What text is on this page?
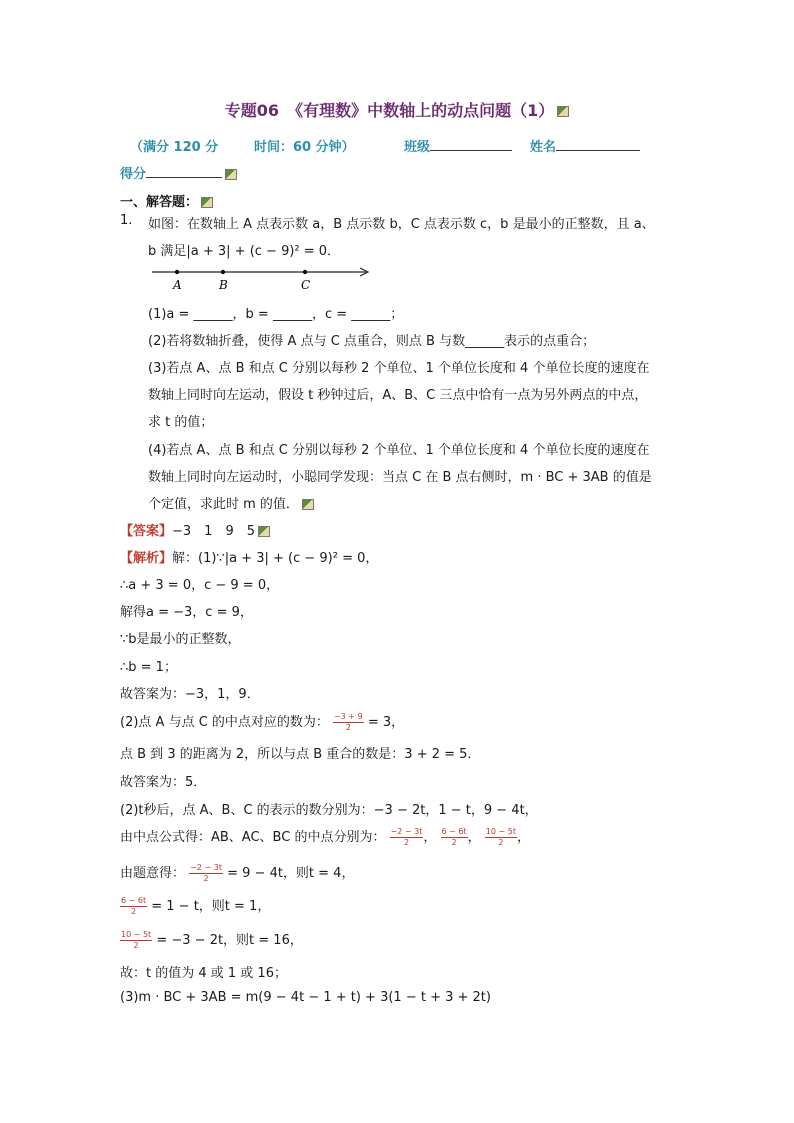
专题06　《有理数》中数轴上的动点问题（1）
（满分 120 分	时间：60 分钟）	班级	姓名
得分
一、解答题：
1. 如图：在数轴上 A 点表示数 a，B 点示数 b，C 点表示数 c，b 是最小的正整数，且 a、
b 满足|a + 3| + (c − 9)² = 0．
A	B	C
(1)a = ______，b = ______，c = ______；
(2)若将数轴折叠，使得 A 点与 C 点重合，则点 B 与数______表示的点重合；
(3)若点 A、点 B 和点 C 分别以每秒 2 个单位、1 个单位长度和 4 个单位长度的速度在
数轴上同时向左运动，假设 t 秒钟过后，A、B、C 三点中恰有一点为另外两点的中点，
求 t 的值；
(4)若点 A、点 B 和点 C 分别以每秒 2 个单位、1 个单位长度和 4 个单位长度的速度在
数轴上同时向左运动时，小聪同学发现：当点 C 在 B 点右侧时，m · BC + 3AB 的值是
个定值，求此时 m 的值．
【答案】−3　1　9　5
【解析】解：(1)∵|a + 3| + (c − 9)² = 0，
∴a + 3 = 0，c − 9 = 0，
解得a = −3，c = 9，
∵b是最小的正整数，
∴b = 1；
故答案为：−3，1，9．
(2)点 A 与点 C 的中点对应的数为： $\frac{-3 + 9}{2} = 3$，
点 B 到 3 的距离为 2，所以与点 B 重合的数是：3 + 2 = 5．
故答案为：5．
(2)t秒后，点 A、B、C 的表示的数分别为：−3 − 2t，1 − t，9 − 4t，
由中点公式得：AB、AC、BC 的中点分别为： $\frac{-2 - 3t}{2}$ ， $\frac{6 - 6t}{2}$ ， $\frac{10 - 5t}{2}$ ，
由题意得： $\frac{-2 - 3t}{2} = 9 - 4t$，则t = 4，
$\frac{6 - 6t}{2} = 1 - t$，则t = 1，
$\frac{10 - 5t}{2} = -3 - 2t$，则t = 16，
故：t 的值为 4 或 1 或 16；
(3)m · BC + 3AB = m(9 − 4t − 1 + t) + 3(1 − t + 3 + 2t)
